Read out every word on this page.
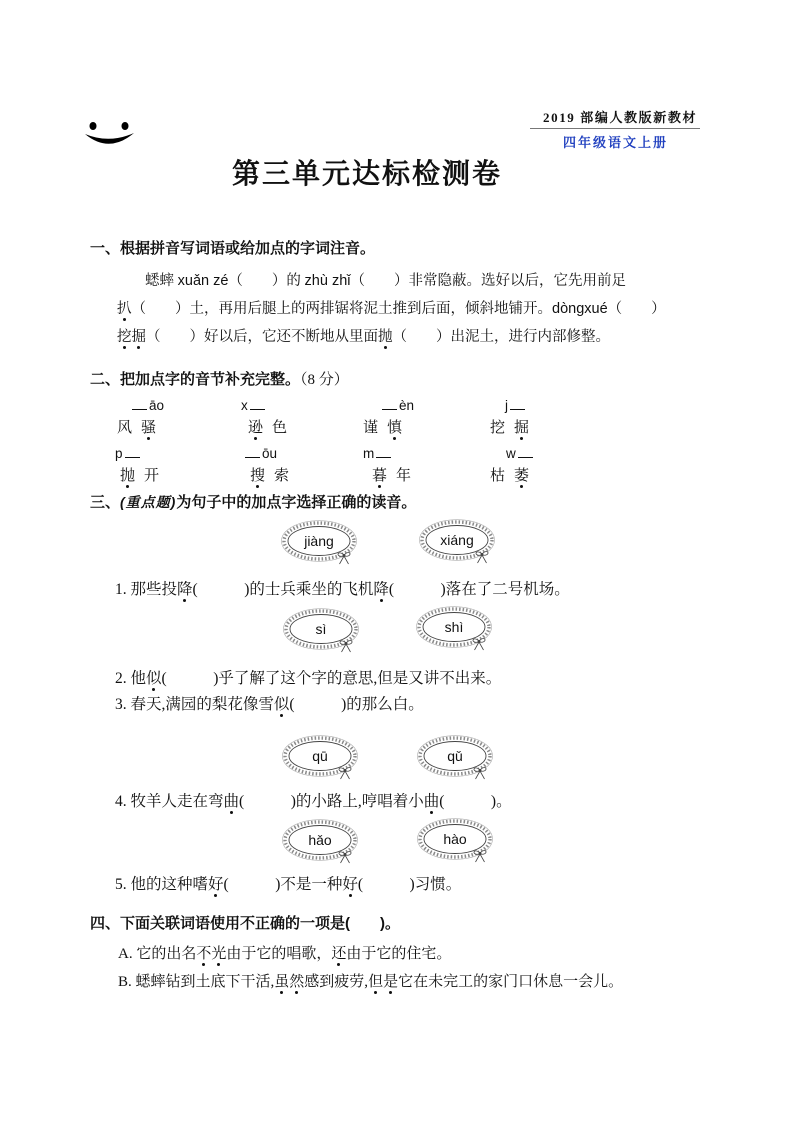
2019 部编人教版新教材
四年级语文上册
第三单元达标检测卷
一、根据拼音写词语或给加点的字词注音。
蟋蟀 xuǎn zé（　　）的 zhù zhǐ（　　）非常隐蔽。选好以后，它先用前足
扒（　　）土，再用后腿上的两排锯将泥土推到后面，倾斜地铺开。dòngxué（　　）
挖掘（　　）好以后，它还不断地从里面抛（　　）出泥土，进行内部修整。
二、把加点字的音节补充完整。（8 分）
āo	x	èn	j
风 骚	逊 色	谨 慎	挖 掘
p	ōu	m	w
抛 开	搜 索	暮 年	枯 萎
三、(重点题)为句子中的加点字选择正确的读音。
jiàng	xiáng
1. 那些投降(　　　)的士兵乘坐的飞机降(　　　)落在了二号机场。
sì	shì
2. 他似(　　　)乎了解了这个字的意思,但是又讲不出来。
3. 春天,满园的梨花像雪似(　　　)的那么白。
qū	qǔ
4. 牧羊人走在弯曲(　　　)的小路上,哼唱着小曲(　　　)。
hǎo	hào
5. 他的这种嗜好(　　　)不是一种好(　　　)习惯。
四、下面关联词语使用不正确的一项是(　　)。
A. 它的出名不光由于它的唱歌，还由于它的住宅。
B. 蟋蟀钻到土底下干活,虽然感到疲劳,但是它在未完工的家门口休息一会儿。
